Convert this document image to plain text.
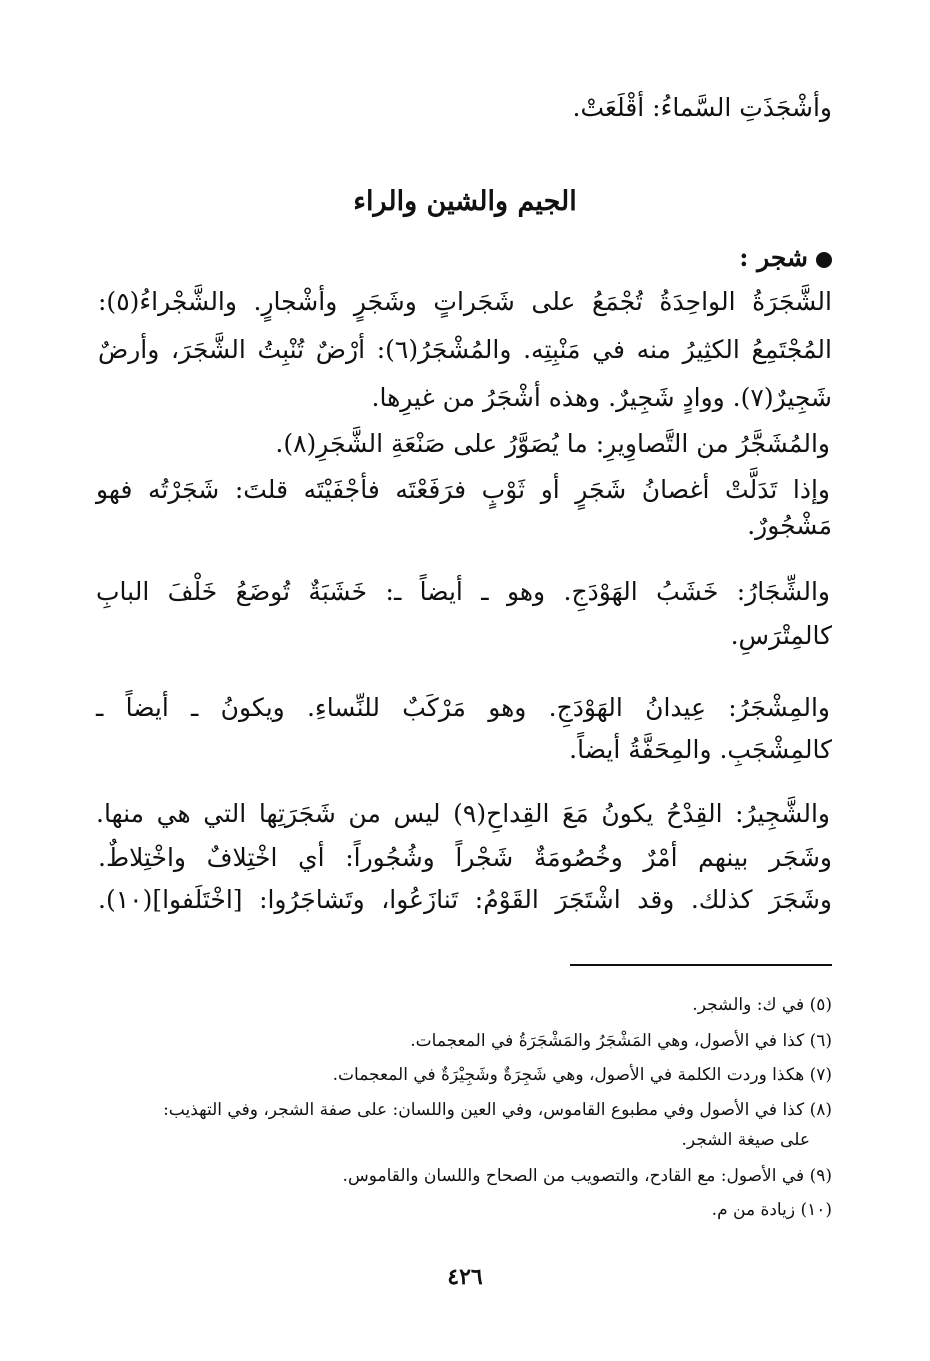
وأشْجَذَتِ السَّماءُ: أقْلَعَتْ.
الجيم والشين والراء
شجر :
الشَّجَرَةُ الواحِدَةُ تُجْمَعُ على شَجَراتٍ وشَجَرٍ وأشْجارٍ. والشَّجْراءُ(٥):
المُجْتَمِعُ الكثِيرُ منه في مَنْبِتِه. والمُشْجَرُ(٦): أرْضٌ تُنْبِتُ الشَّجَرَ، وأرضٌ
شَجِيرٌ(٧). ووادٍ شَجِيرٌ. وهذه أشْجَرُ من غيرِها.
والمُشَجَّرُ من التَّصاوِيرِ: ما يُصَوَّرُ على صَنْعَةِ الشَّجَرِ(٨).
وإذا تَدَلَّتْ أغصانُ شَجَرٍ أو ثَوْبٍ فرَفَعْتَه فأجْفَيْتَه قلتَ: شَجَرْتُه فهو
مَشْجُورٌ.
والشِّجَارُ: خَشَبُ الهَوْدَجِ. وهو ـ أيضاً ـ: خَشَبَةٌ تُوضَعُ خَلْفَ البابِ
كالمِتْرَسِ.
والمِشْجَرُ: عِيدانُ الهَوْدَجِ. وهو مَرْكَبٌ للنِّساءِ. ويكونُ ـ أيضاً ـ
كالمِشْجَبِ. والمِحَفَّةُ أيضاً.
والشَّجِيرُ: القِدْحُ يكونُ مَعَ القِداحِ(٩) ليس من شَجَرَتِها التي هي منها.
وشَجَر بينهم أمْرٌ وخُصُومَةٌ شَجْراً وشُجُوراً: أي اخْتِلافٌ واخْتِلاطٌ.
وشَجَرَ كذلك. وقد اشْتَجَرَ القَوْمُ: تَنازَعُوا، وتَشاجَرُوا: [اخْتَلَفوا](١٠).
(٥) في ك: والشجر.
(٦) كذا في الأصول، وهي المَشْجَرُ والمَشْجَرَةُ في المعجمات.
(٧) هكذا وردت الكلمة في الأصول، وهي شَجِرَةٌ وشَجِيْرَةٌ في المعجمات.
(٨) كذا في الأصول وفي مطبوع القاموس، وفي العين واللسان: على صفة الشجر، وفي التهذيب:
على صيغة الشجر.
(٩) في الأصول: مع القادح، والتصويب من الصحاح واللسان والقاموس.
(١٠) زيادة من م.
٤٢٦
